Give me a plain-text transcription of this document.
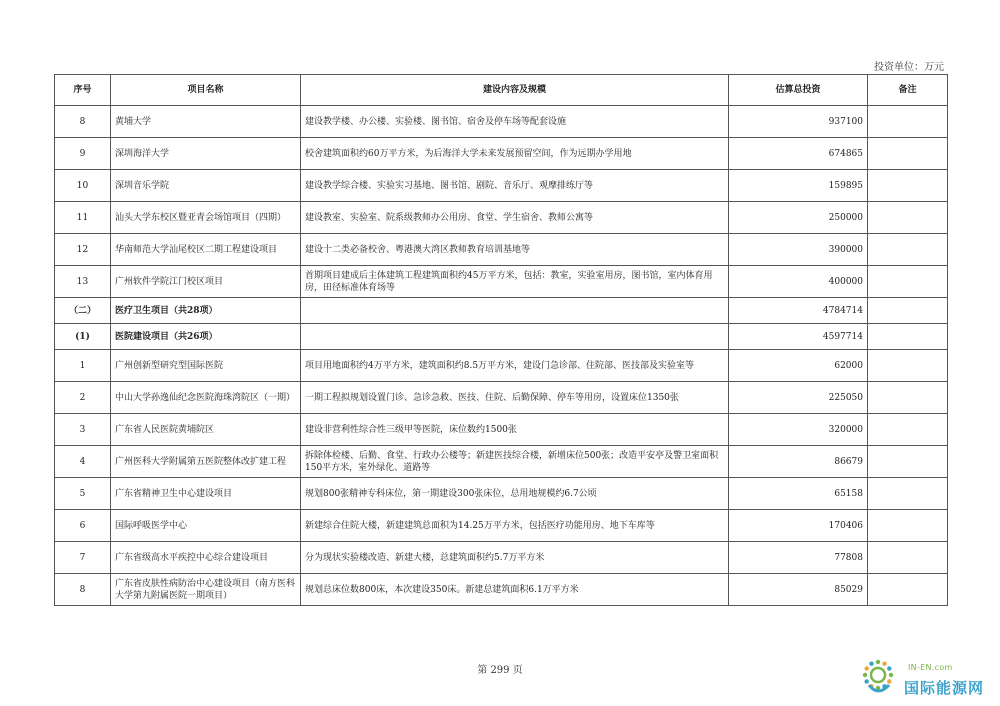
投资单位：万元
序号	项目名称	建设内容及规模	估算总投资	备注
8	黄埔大学	建设教学楼、办公楼、实验楼、图书馆、宿舍及停车场等配套设施	937100	
9	深圳海洋大学	校舍建筑面积约60万平方米，为后海洋大学未来发展预留空间，作为远期办学用地	674865	
10	深圳音乐学院	建设教学综合楼、实验实习基地、图书馆、剧院、音乐厅、观摩排练厅等	159895	
11	汕头大学东校区暨亚青会场馆项目（四期）	建设教室、实验室、院系级教师办公用房、食堂、学生宿舍、教师公寓等	250000	
12	华南师范大学汕尾校区二期工程建设项目	建设十二类必备校舍、粤港澳大湾区教师教育培训基地等	390000	
13	广州软件学院江门校区项目	首期项目建成后主体建筑工程建筑面积约45万平方米，包括：教室，实验室用房，图书馆，室内体育用房，田径标准体育场等	400000	
（二）	医疗卫生项目（共28项）		4784714	
(1)	医院建设项目（共26项）		4597714	
1	广州创新型研究型国际医院	项目用地面积约4万平方米，建筑面积约8.5万平方米，建设门急诊部、住院部、医技部及实验室等	62000	
2	中山大学孙逸仙纪念医院海珠湾院区（一期）	一期工程拟规划设置门诊、急诊急救、医技、住院、后勤保障、停车等用房，设置床位1350张	225050	
3	广东省人民医院黄埔院区	建设非营利性综合性三级甲等医院，床位数约1500张	320000	
4	广州医科大学附属第五医院整体改扩建工程	拆除体检楼、后勤、食堂、行政办公楼等；新建医技综合楼，新增床位500张；改造平安亭及警卫室面积150平方米，室外绿化、道路等	86679	
5	广东省精神卫生中心建设项目	规划800张精神专科床位，第一期建设300张床位，总用地规模约6.7公顷	65158	
6	国际呼吸医学中心	新建综合住院大楼，新建建筑总面积为14.25万平方米，包括医疗功能用房、地下车库等	170406	
7	广东省级高水平疾控中心综合建设项目	分为现状实验楼改造、新建大楼，总建筑面积约5.7万平方米	77808	
8	广东省皮肤性病防治中心建设项目（南方医科大学第九附属医院一期项目）	规划总床位数800床，本次建设350床。新建总建筑面积6.1万平方米	85029	
第 299 页	IN-EN.com
国际能源网
